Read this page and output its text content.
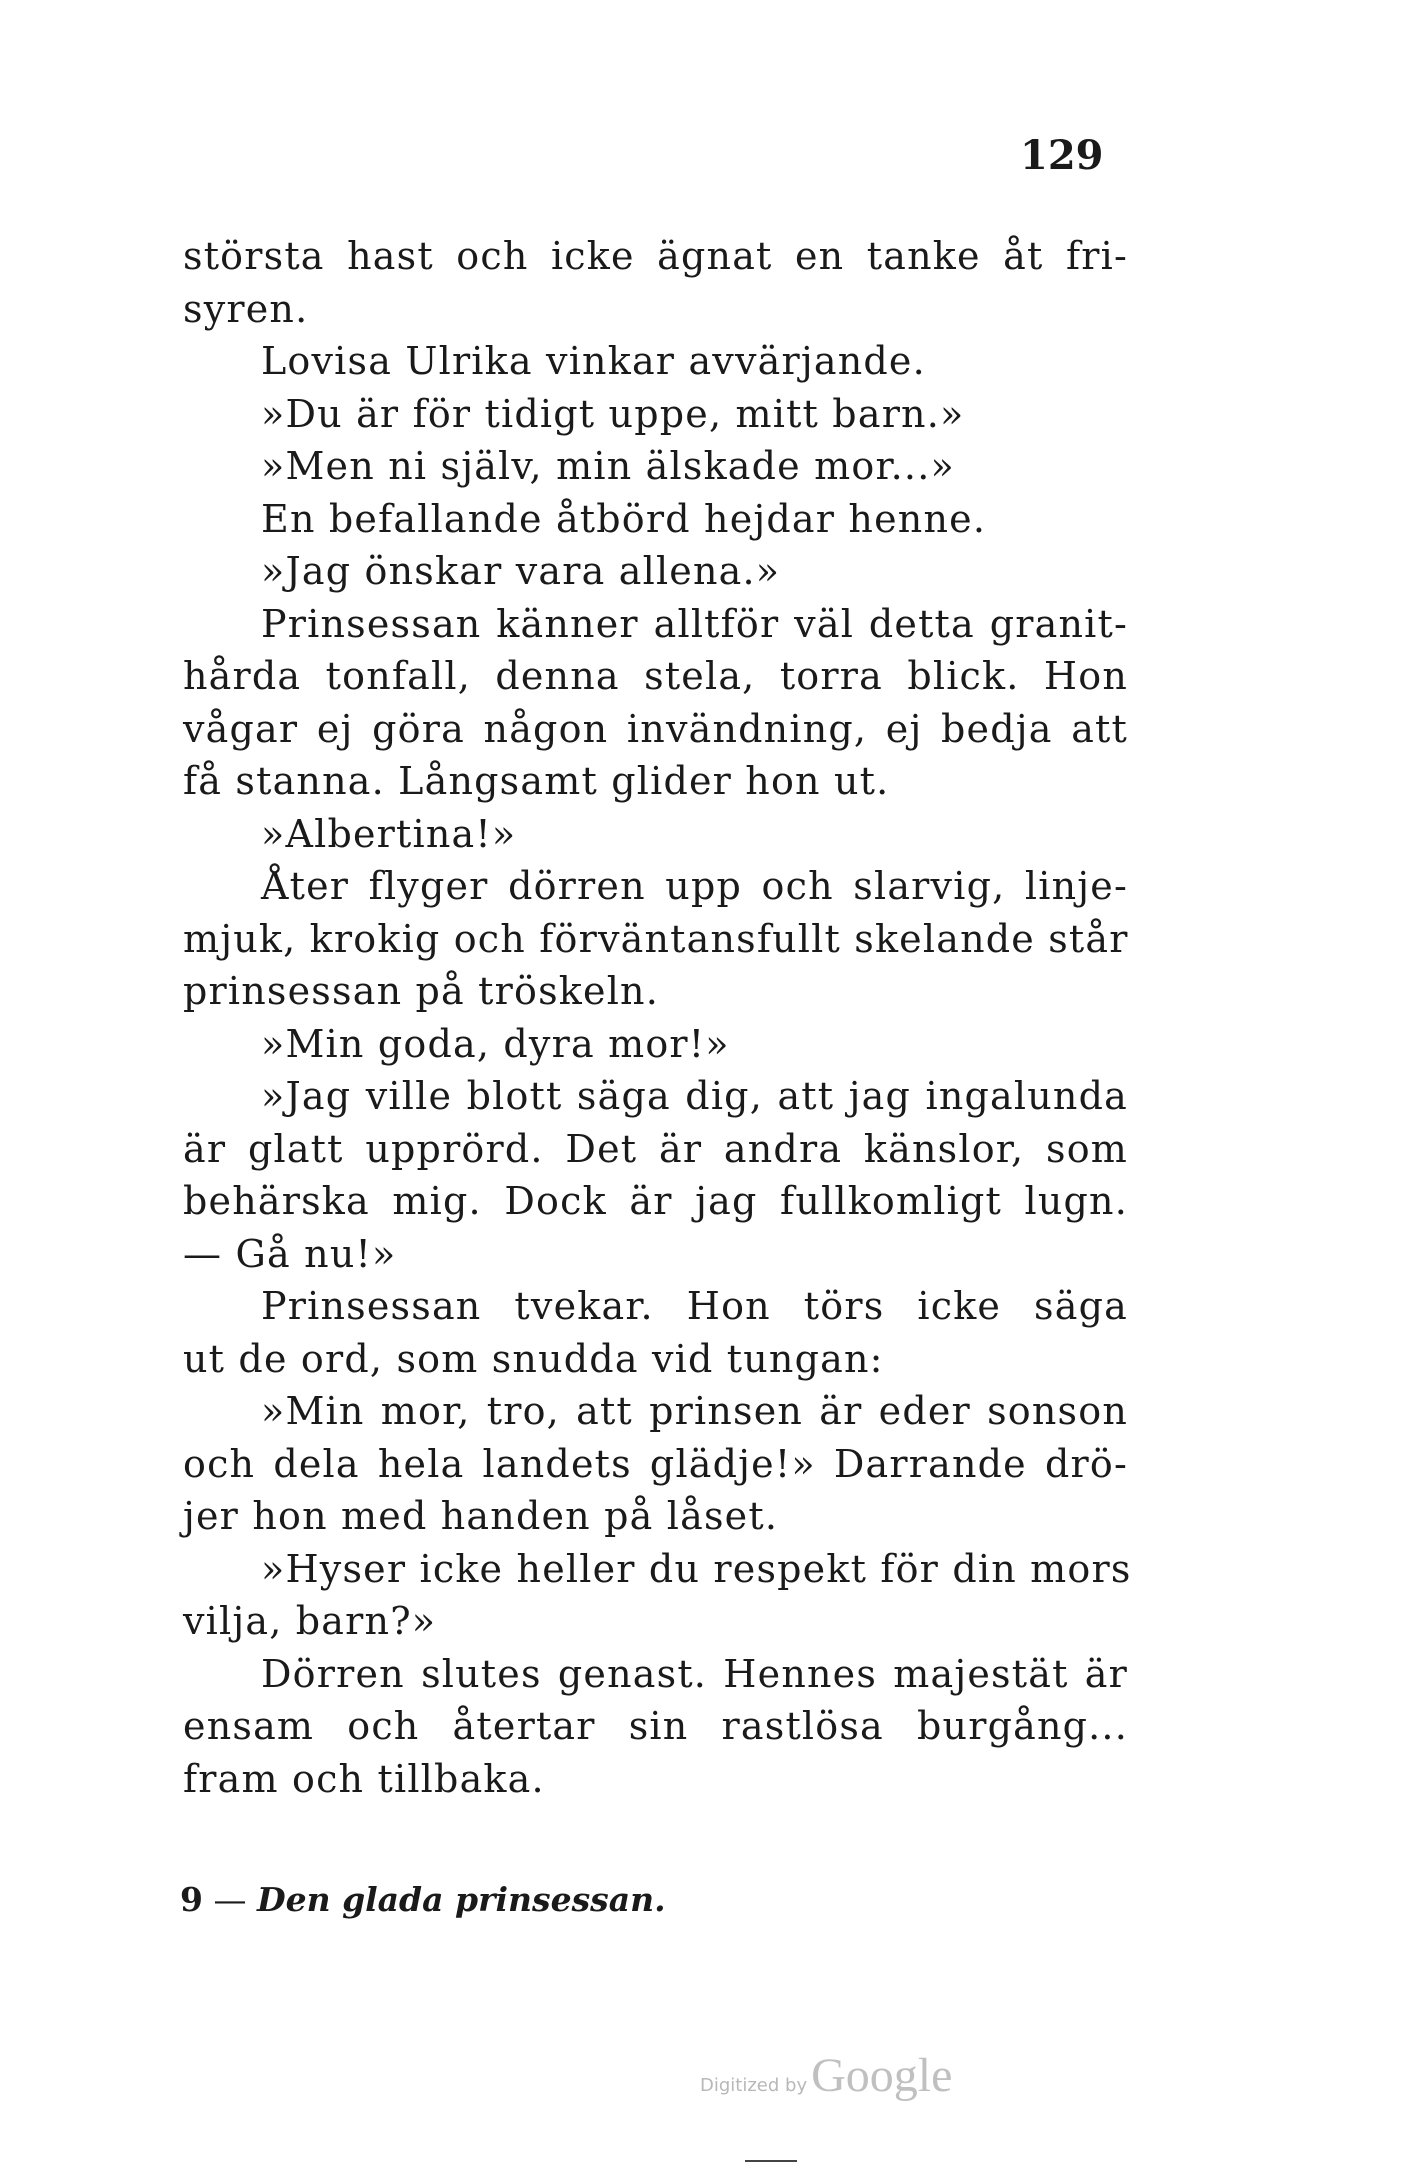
129
största hast och icke ägnat en tanke åt fri-
syren.
Lovisa Ulrika vinkar avvärjande.
»Du är för tidigt uppe, mitt barn.»
»Men ni själv, min älskade mor...»
En befallande åtbörd hejdar henne.
»Jag önskar vara allena.»
Prinsessan känner alltför väl detta granit-
hårda tonfall, denna stela, torra blick. Hon
vågar ej göra någon invändning, ej bedja att
få stanna. Långsamt glider hon ut.
»Albertina!»
Åter flyger dörren upp och slarvig, linje-
mjuk, krokig och förväntansfullt skelande står
prinsessan på tröskeln.
»Min goda, dyra mor!»
»Jag ville blott säga dig, att jag ingalunda
är glatt upprörd. Det är andra känslor, som
behärska mig. Dock är jag fullkomligt lugn.
— Gå nu!»
Prinsessan tvekar. Hon törs icke säga
ut de ord, som snudda vid tungan:
»Min mor, tro, att prinsen är eder sonson
och dela hela landets glädje!» Darrande drö-
jer hon med handen på låset.
»Hyser icke heller du respekt för din mors
vilja, barn?»
Dörren slutes genast. Hennes majestät är
ensam och återtar sin rastlösa burgång...
fram och tillbaka.
9 — Den glada prinsessan.
Digitized by Google
